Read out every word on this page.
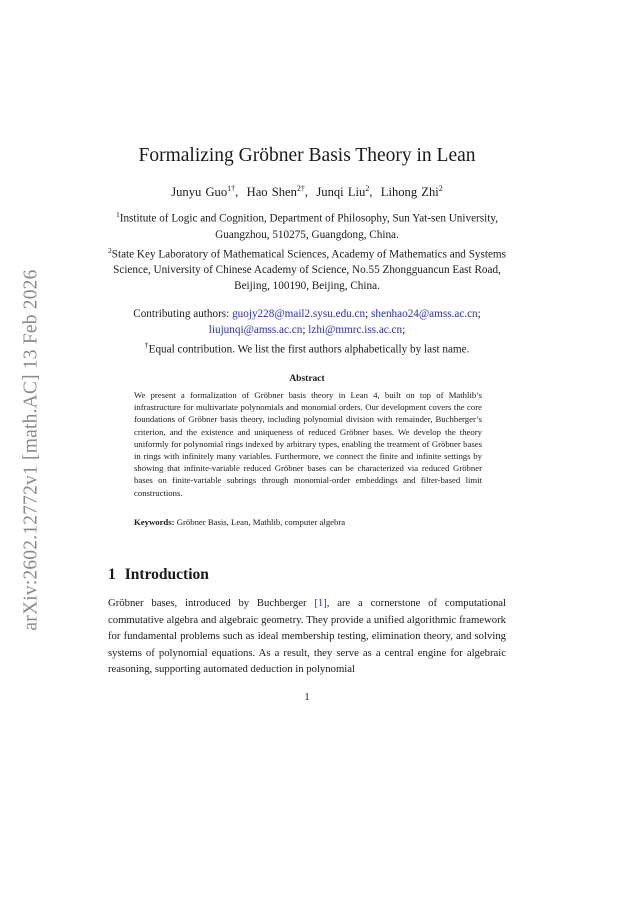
arXiv:2602.12772v1 [math.AC] 13 Feb 2026
Formalizing Gröbner Basis Theory in Lean
Junyu Guo$^{1\dagger}$,  Hao Shen$^{2\dagger}$,  Junqi Liu$^2$,  Lihong Zhi$^2$

$^1$Institute of Logic and Cognition, Department of Philosophy, Sun Yat-sen University, Guangzhou, 510275, Guangdong, China.

$^2$State Key Laboratory of Mathematical Sciences, Academy of Mathematics and Systems Science, University of Chinese Academy of Science, No.55 Zhongguancun East Road, Beijing, 100190, Beijing, China.

Contributing authors: guojy228@mail2.sysu.edu.cn; shenhao24@amss.ac.cn; liujunqi@amss.ac.cn; lzhi@mmrc.iss.ac.cn;

†Equal contribution. We list the first authors alphabetically by last name.

Abstract
We present a formalization of Gröbner basis theory in Lean 4, built on top of Mathlib’s infrastructure for multivariate polynomials and monomial orders. Our development covers the core foundations of Gröbner basis theory, including polynomial division with remainder, Buchberger’s criterion, and the existence and uniqueness of reduced Gröbner bases. We develop the theory uniformly for polynomial rings indexed by arbitrary types, enabling the treatment of Gröbner bases in rings with infinitely many variables. Furthermore, we connect the finite and infinite settings by showing that infinite-variable reduced Gröbner bases can be characterized via reduced Gröbner bases on finite-variable subrings through monomial-order embeddings and filter-based limit constructions.
Keywords: Gröbner Basis, Lean, Mathlib, computer algebra
1 Introduction
Gröbner bases, introduced by Buchberger [1], are a cornerstone of computational commutative algebra and algebraic geometry. They provide a unified algorithmic framework for fundamental problems such as ideal membership testing, elimination theory, and solving systems of polynomial equations. As a result, they serve as a central engine for algebraic reasoning, supporting automated deduction in polynomial
1
